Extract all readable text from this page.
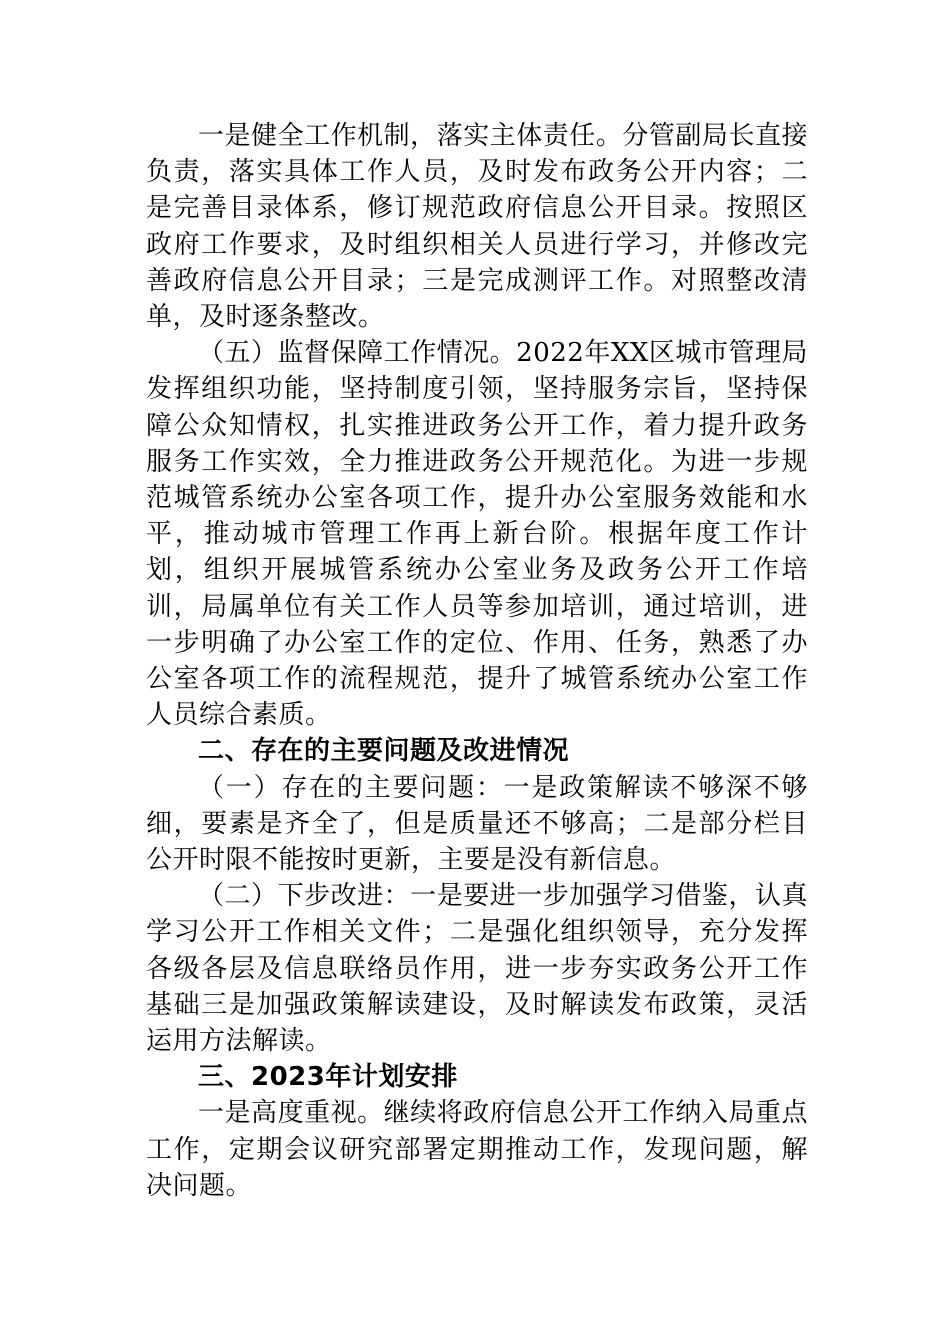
一是健全工作机制，落实主体责任。分管副局长直接负责，落实具体工作人员，及时发布政务公开内容；二是完善目录体系，修订规范政府信息公开目录。按照区政府工作要求，及时组织相关人员进行学习，并修改完善政府信息公开目录；三是完成测评工作。对照整改清单，及时逐条整改。

（五）监督保障工作情况。2022年XX区城市管理局发挥组织功能，坚持制度引领，坚持服务宗旨，坚持保障公众知情权，扎实推进政务公开工作，着力提升政务服务工作实效，全力推进政务公开规范化。为进一步规范城管系统办公室各项工作，提升办公室服务效能和水平，推动城市管理工作再上新台阶。根据年度工作计划，组织开展城管系统办公室业务及政务公开工作培训，局属单位有关工作人员等参加培训，通过培训，进一步明确了办公室工作的定位、作用、任务，熟悉了办公室各项工作的流程规范，提升了城管系统办公室工作人员综合素质。

二、存在的主要问题及改进情况

（一）存在的主要问题：一是政策解读不够深不够细，要素是齐全了，但是质量还不够高；二是部分栏目公开时限不能按时更新，主要是没有新信息。

（二）下步改进：一是要进一步加强学习借鉴，认真学习公开工作相关文件；二是强化组织领导，充分发挥各级各层及信息联络员作用，进一步夯实政务公开工作基础三是加强政策解读建设，及时解读发布政策，灵活运用方法解读。

三、2023年计划安排

一是高度重视。继续将政府信息公开工作纳入局重点工作，定期会议研究部署定期推动工作，发现问题，解决问题。
